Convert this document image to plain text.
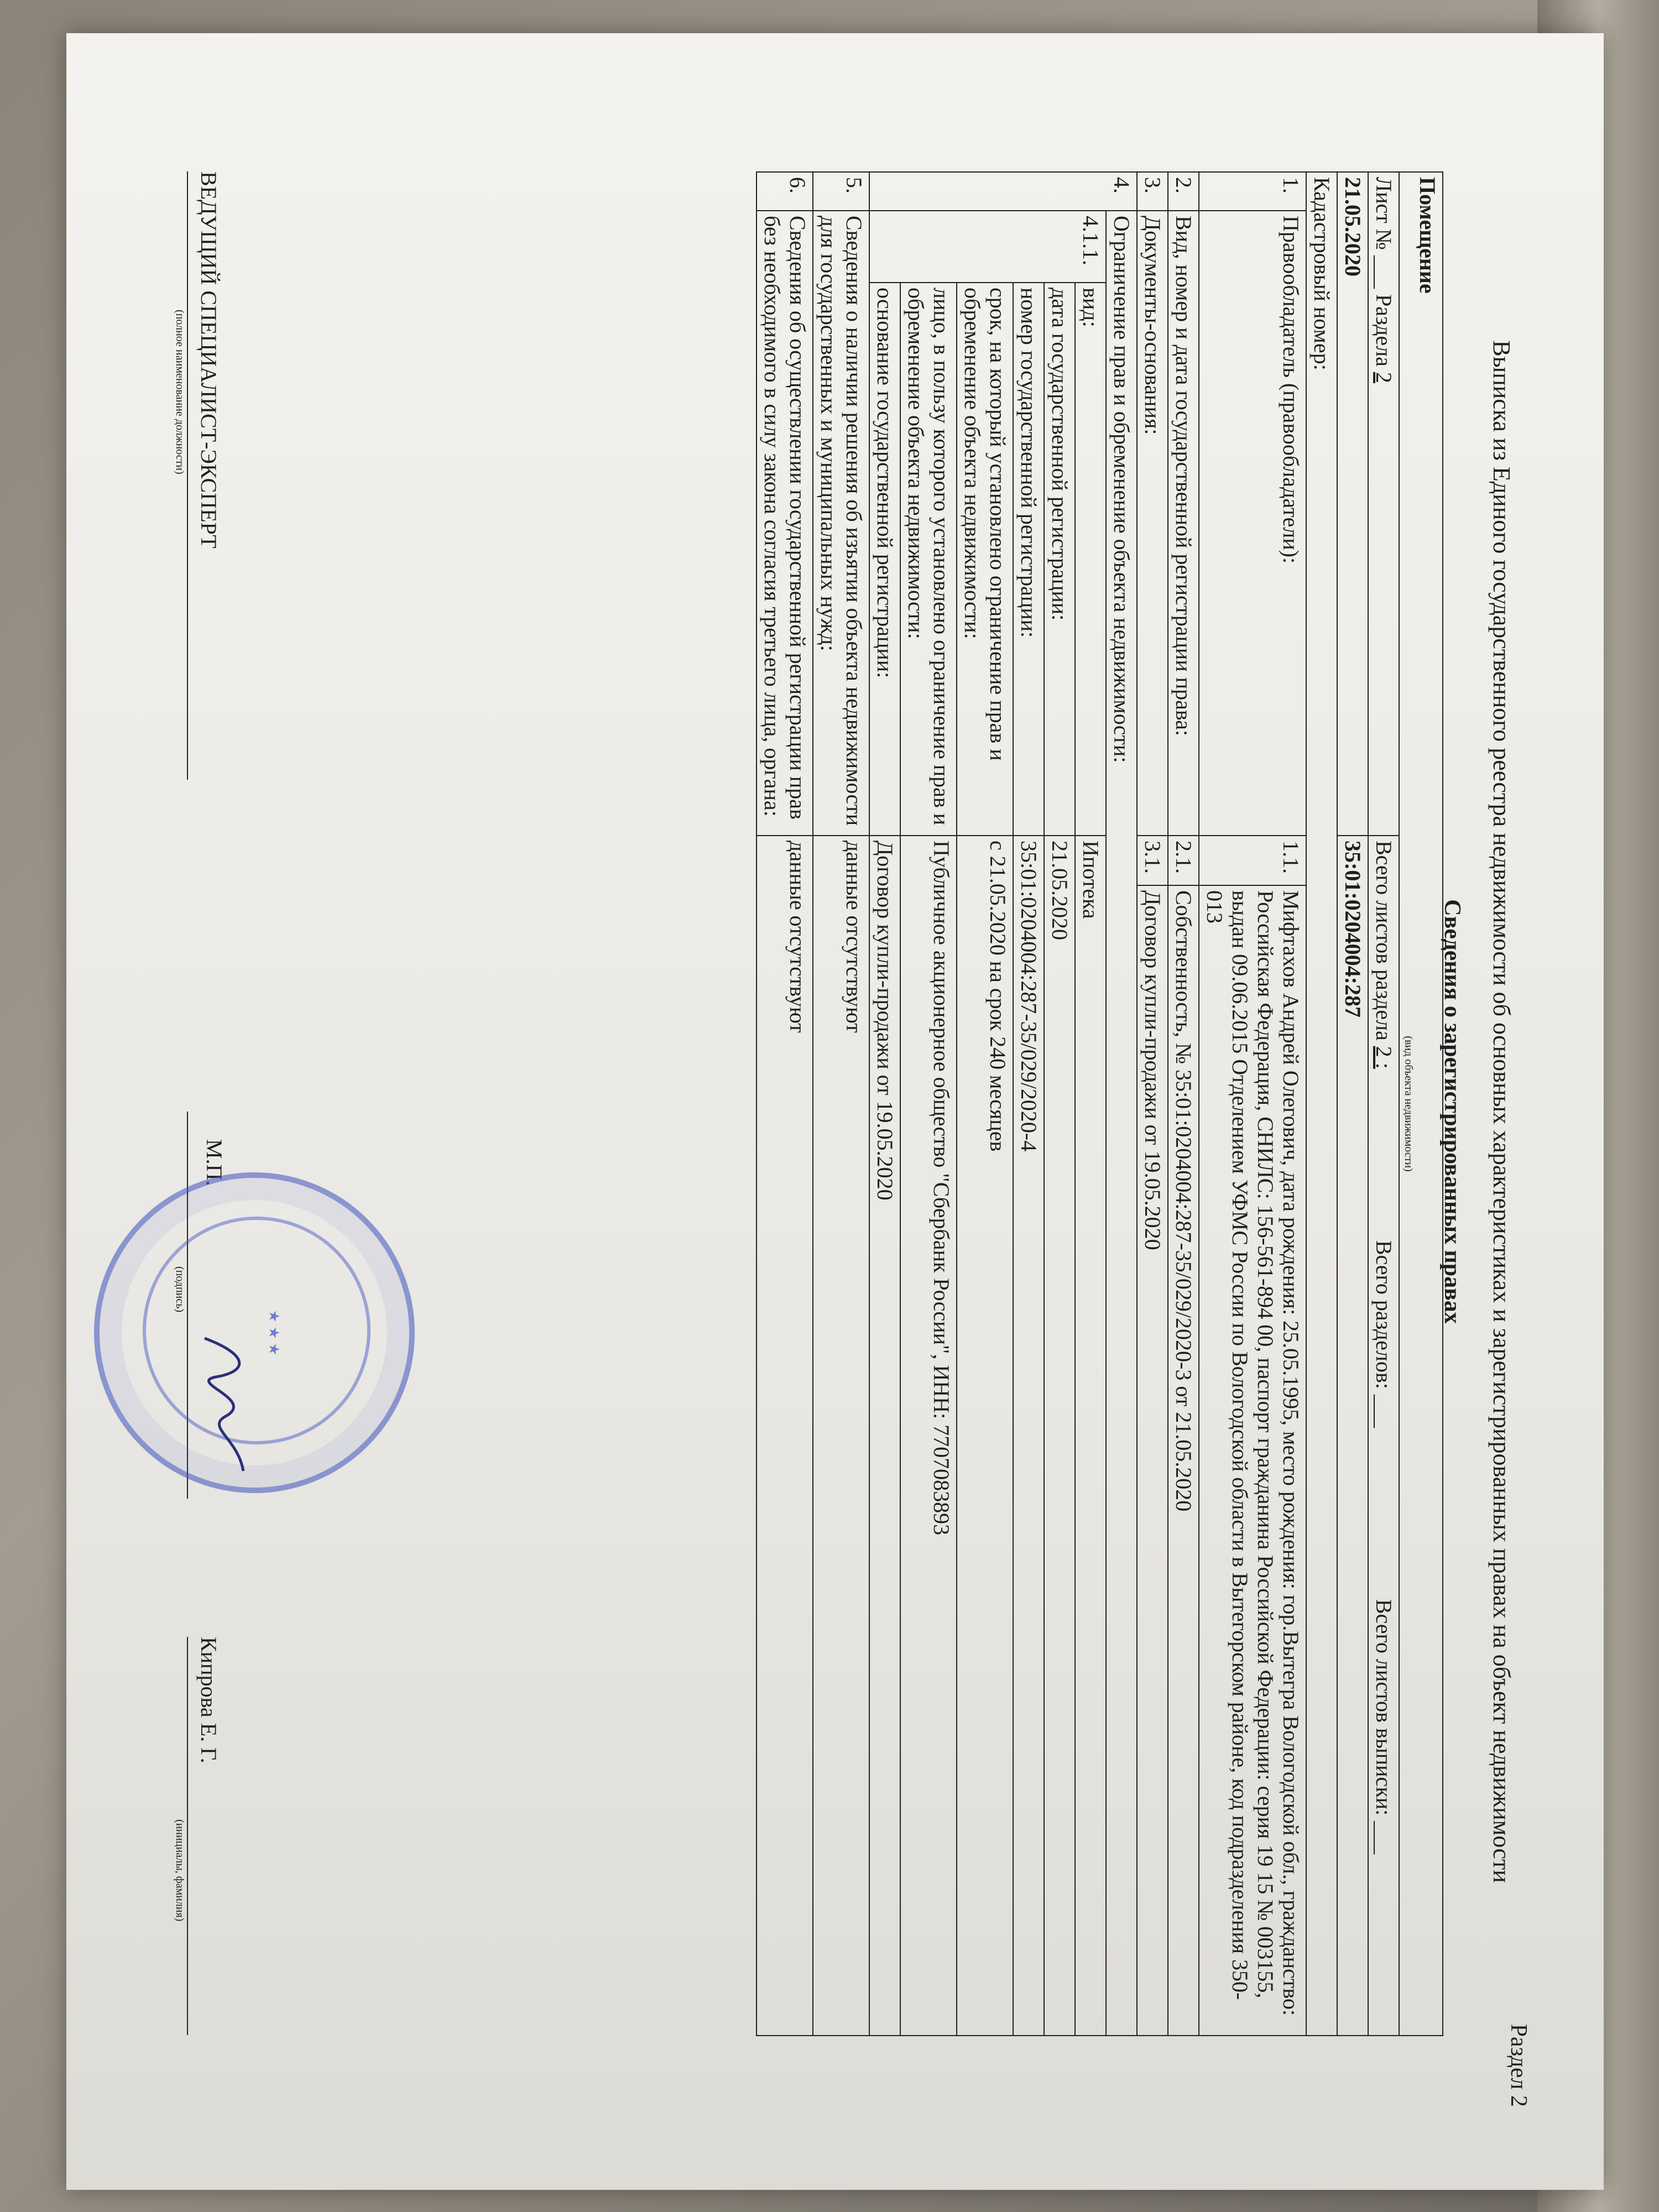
Раздел 2
Выписка из Единого государственного реестра недвижимости об основных характеристиках и зарегистрированных правах на объект недвижимости
Сведения о зарегистрированных правах
Помещение
(вид объекта недвижимости)				

Лист № ___ Раздела 2			Всего листов раздела 2 : Всего разделов: ___ Всего листов выписки: ___	
21.05.2020			35:01:0204004:287	
Кадастровый номер:				
1.	Правообладатель (правообладатели):		1.1.	Мифтахов Андрей Олегович, дата рождения: 25.05.1995, место рождения: гор.Вытегра Вологодской обл., гражданство: Российская Федерация, СНИЛС: 156-561-894 00, паспорт гражданина Российской Федерации: серия 19 15 № 003155, выдан 09.06.2015 Отделением УФМС России по Вологодской области в Вытегорском районе, код подразделения 350-013
2.	Вид, номер и дата государственной регистрации права:		2.1.	Собственность, № 35:01:0204004:287-35/029/2020-3 от 21.05.2020
3.	Документы-основания:		3.1.	Договор купли-продажи от 19.05.2020
4.	Ограничение прав и обременение объекта недвижимости:			
	4.1.1.	вид:	Ипотека	
		дата государственной регистрации:	21.05.2020	
		номер государственной регистрации:	35:01:0204004:287-35/029/2020-4	
		срок, на который установлено ограничение прав и обременение объекта недвижимости:	с 21.05.2020 на срок 240 месяцев	
		лицо, в пользу которого установлено ограничение прав и обременение объекта недвижимости:	Публичное акционерное общество "Сбербанк России", ИНН: 7707083893	
		основание государственной регистрации:	Договор купли-продажи от 19.05.2020	
5.	Сведения о наличии решения об изъятии объекта недвижимости для государственных и муниципальных нужд:		данные отсутствуют	
6.	Сведения об осуществлении государственной регистрации прав без необходимого в силу закона согласия третьего лица, органа:		данные отсутствуют	
ВЕДУЩИЙ СПЕЦИАЛИСТ-ЭКСПЕРТ
(полное наименование должности)
(подпись)
Кипрова Е. Г.
(инициалы, фамилия)
М.П.
★ ★ ★
